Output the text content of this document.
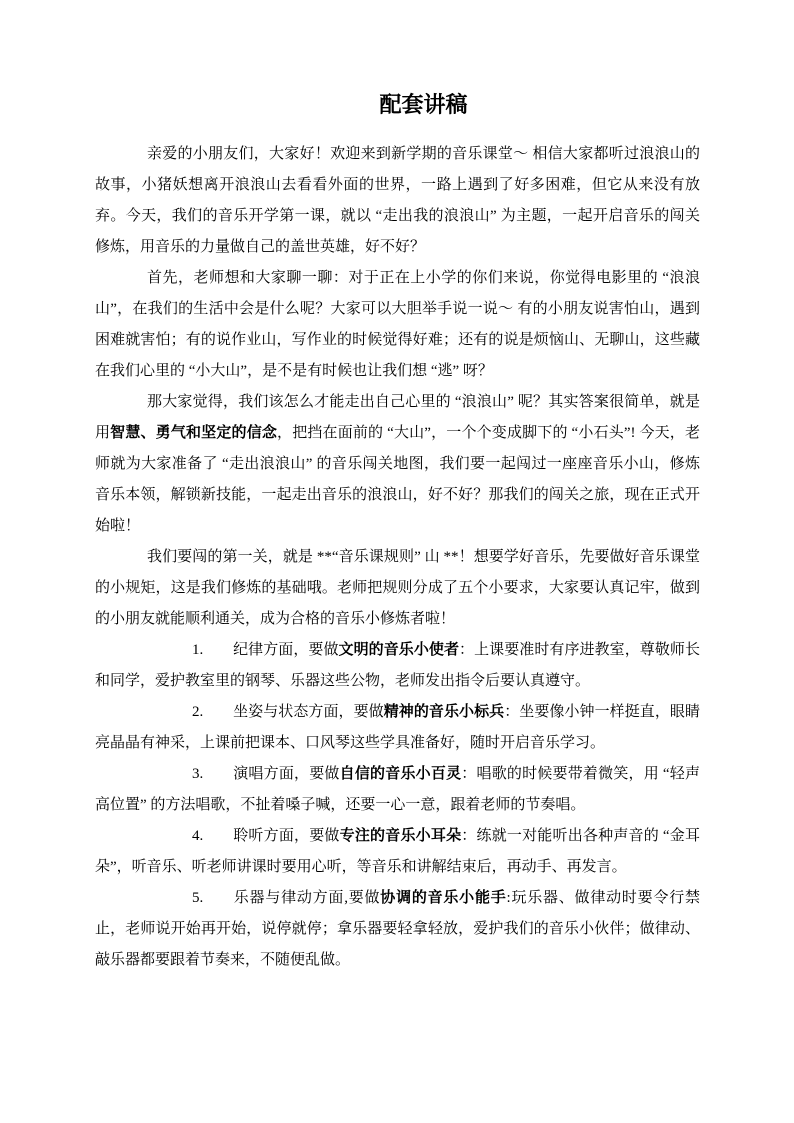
配套讲稿

亲爱的小朋友们，大家好！欢迎来到新学期的音乐课堂～ 相信大家都听过浪浪山的故事，小猪妖想离开浪浪山去看看外面的世界，一路上遇到了好多困难，但它从来没有放弃。今天，我们的音乐开学第一课，就以 “走出我的浪浪山” 为主题，一起开启音乐的闯关修炼，用音乐的力量做自己的盖世英雄，好不好？

首先，老师想和大家聊一聊：对于正在上小学的你们来说，你觉得电影里的 “浪浪山”，在我们的生活中会是什么呢？大家可以大胆举手说一说～ 有的小朋友说害怕山，遇到困难就害怕；有的说作业山，写作业的时候觉得好难；还有的说是烦恼山、无聊山，这些藏在我们心里的 “小大山”，是不是有时候也让我们想 “逃” 呀？

那大家觉得，我们该怎么才能走出自己心里的 “浪浪山” 呢？其实答案很简单，就是用智慧、勇气和坚定的信念，把挡在面前的 “大山”，一个个变成脚下的 “小石头”! 今天，老师就为大家准备了 “走出浪浪山” 的音乐闯关地图，我们要一起闯过一座座音乐小山，修炼音乐本领，解锁新技能，一起走出音乐的浪浪山，好不好？那我们的闯关之旅，现在正式开始啦！

我们要闯的第一关，就是 **“音乐课规则” 山 **！想要学好音乐，先要做好音乐课堂的小规矩，这是我们修炼的基础哦。老师把规则分成了五个小要求，大家要认真记牢，做到的小朋友就能顺利通关，成为合格的音乐小修炼者啦！

1. 纪律方面，要做文明的音乐小使者：上课要准时有序进教室，尊敬师长和同学，爱护教室里的钢琴、乐器这些公物，老师发出指令后要认真遵守。

2. 坐姿与状态方面，要做精神的音乐小标兵：坐要像小钟一样挺直，眼睛亮晶晶有神采，上课前把课本、口风琴这些学具准备好，随时开启音乐学习。

3. 演唱方面，要做自信的音乐小百灵：唱歌的时候要带着微笑，用 “轻声高位置” 的方法唱歌，不扯着嗓子喊，还要一心一意，跟着老师的节奏唱。

4. 聆听方面，要做专注的音乐小耳朵：练就一对能听出各种声音的 “金耳朵”，听音乐、听老师讲课时要用心听，等音乐和讲解结束后，再动手、再发言。

5. 乐器与律动方面,要做协调的音乐小能手:玩乐器、做律动时要令行禁止，老师说开始再开始，说停就停；拿乐器要轻拿轻放，爱护我们的音乐小伙伴；做律动、敲乐器都要跟着节奏来，不随便乱做。
